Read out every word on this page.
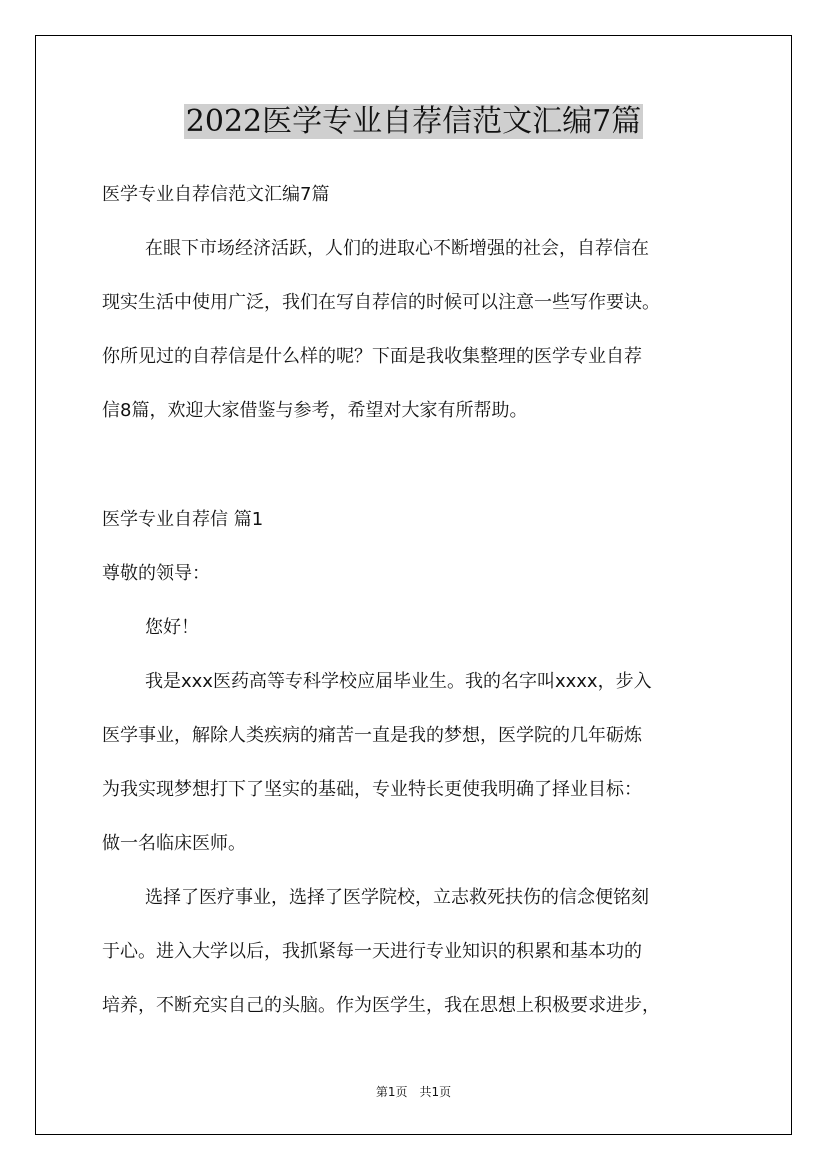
2022医学专业自荐信范文汇编7篇
医学专业自荐信范文汇编7篇
在眼下市场经济活跃，人们的进取心不断增强的社会，自荐信在
现实生活中使用广泛，我们在写自荐信的时候可以注意一些写作要诀。
你所见过的自荐信是什么样的呢？下面是我收集整理的医学专业自荐
信8篇，欢迎大家借鉴与参考，希望对大家有所帮助。
医学专业自荐信 篇1
尊敬的领导：
您好！
我是xxx医药高等专科学校应届毕业生。我的名字叫xxxx，步入
医学事业，解除人类疾病的痛苦一直是我的梦想，医学院的几年砺炼
为我实现梦想打下了坚实的基础，专业特长更使我明确了择业目标：
做一名临床医师。
选择了医疗事业，选择了医学院校，立志救死扶伤的信念便铭刻
于心。进入大学以后，我抓紧每一天进行专业知识的积累和基本功的
培养，不断充实自己的头脑。作为医学生，我在思想上积极要求进步，
第1页　共1页
